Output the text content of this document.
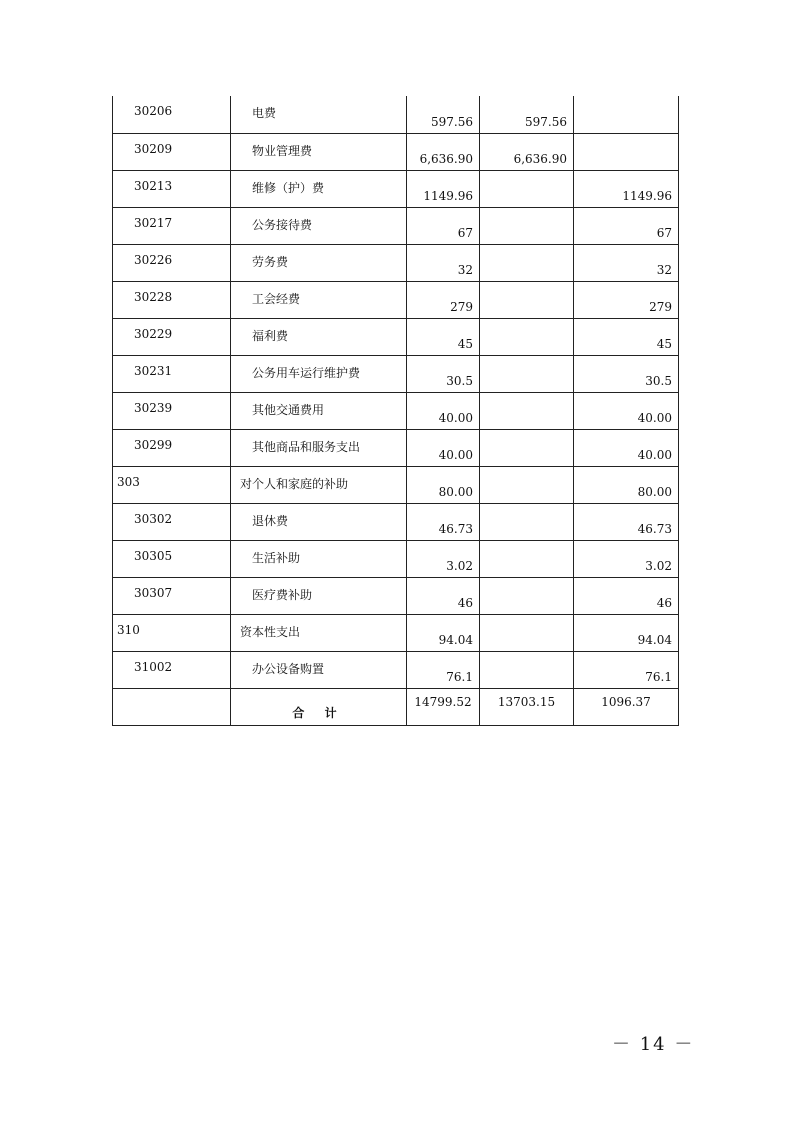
30206	电费	597.56	597.56	
30209	物业管理费	6,636.90	6,636.90	
30213	维修（护）费	1149.96		1149.96
30217	公务接待费	67		67
30226	劳务费	32		32
30228	工会经费	279		279
30229	福利费	45		45
30231	公务用车运行维护费	30.5		30.5
30239	其他交通费用	40.00		40.00
30299	其他商品和服务支出	40.00		40.00
303	对个人和家庭的补助	80.00		80.00
30302	退休费	46.73		46.73
30305	生活补助	3.02		3.02
30307	医疗费补助	46		46
310	资本性支出	94.04		94.04
31002	办公设备购置	76.1		76.1
	合 计	14799.52	13703.15	1096.37
－ 14 －
